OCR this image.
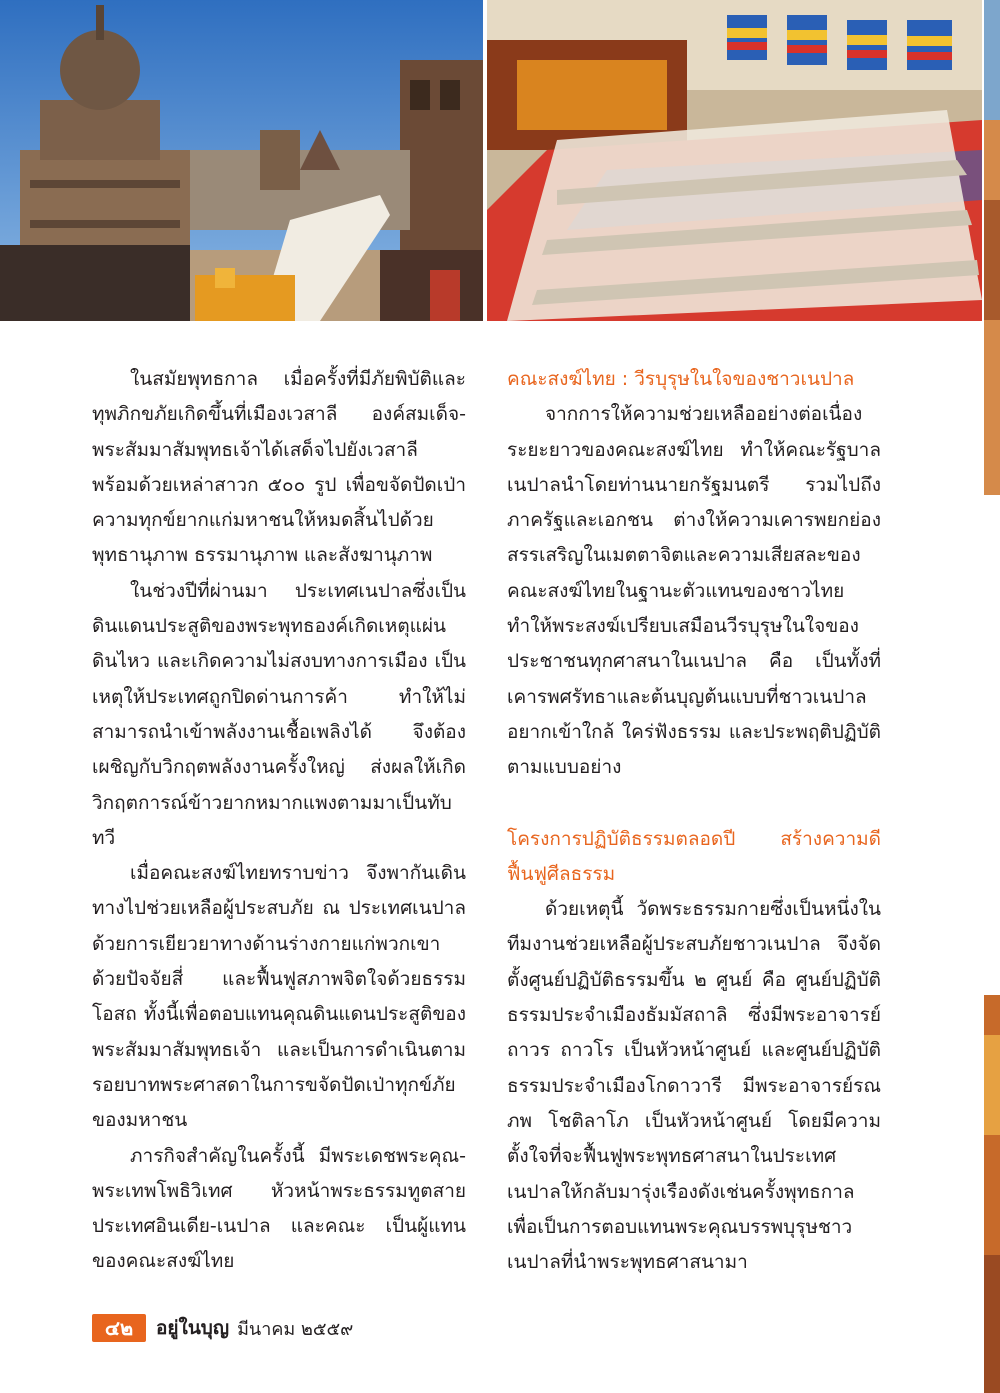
ในสมัยพุทธกาล เมื่อครั้งที่มีภัยพิบัติและทุพภิกขภัยเกิดขึ้นที่เมืองเวสาลี องค์สมเด็จ-พระสัมมาสัมพุทธเจ้าได้เสด็จไปยังเวสาลี พร้อมด้วยเหล่าสาวก ๕๐๐ รูป เพื่อขจัดปัดเป่าความทุกข์ยากแก่มหาชนให้หมดสิ้นไปด้วยพุทธานุภาพ ธรรมานุภาพ และสังฆานุภาพ

ในช่วงปีที่ผ่านมา ประเทศเนปาลซึ่งเป็นดินแดนประสูติของพระพุทธองค์เกิดเหตุแผ่นดินไหว และเกิดความไม่สงบทางการเมือง เป็นเหตุให้ประเทศถูกปิดด่านการค้า ทำให้ไม่สามารถนำเข้าพลังงานเชื้อเพลิงได้ จึงต้องเผชิญกับวิกฤตพลังงานครั้งใหญ่ ส่งผลให้เกิดวิกฤตการณ์ข้าวยากหมากแพงตามมาเป็นทับทวี

เมื่อคณะสงฆ์ไทยทราบข่าว จึงพากันเดินทางไปช่วยเหลือผู้ประสบภัย ณ ประเทศเนปาล ด้วยการเยียวยาทางด้านร่างกายแก่พวกเขาด้วยปัจจัยสี่ และฟื้นฟูสภาพจิตใจด้วยธรรมโอสถ ทั้งนี้เพื่อตอบแทนคุณดินแดนประสูติของพระสัมมาสัมพุทธเจ้า และเป็นการดำเนินตามรอยบาทพระศาสดาในการขจัดปัดเป่าทุกข์ภัยของมหาชน

ภารกิจสำคัญในครั้งนี้ มีพระเดชพระคุณ-พระเทพโพธิวิเทศ หัวหน้าพระธรรมทูตสายประเทศอินเดีย-เนปาล และคณะ เป็นผู้แทนของคณะสงฆ์ไทย

คณะสงฆ์ไทย : วีรบุรุษในใจของชาวเนปาล

จากการให้ความช่วยเหลืออย่างต่อเนื่องระยะยาวของคณะสงฆ์ไทย ทำให้คณะรัฐบาลเนปาลนำโดยท่านนายกรัฐมนตรี รวมไปถึงภาครัฐและเอกชน ต่างให้ความเคารพยกย่องสรรเสริญในเมตตาจิตและความเสียสละของคณะสงฆ์ไทยในฐานะตัวแทนของชาวไทย ทำให้พระสงฆ์เปรียบเสมือนวีรบุรุษในใจของประชาชนทุกศาสนาในเนปาล คือ เป็นทั้งที่เคารพศรัทธาและต้นบุญต้นแบบที่ชาวเนปาลอยากเข้าใกล้ ใคร่ฟังธรรม และประพฤติปฏิบัติตามแบบอย่าง

โครงการปฏิบัติธรรมตลอดปี สร้างความดีฟื้นฟูศีลธรรม

ด้วยเหตุนี้ วัดพระธรรมกายซึ่งเป็นหนึ่งในทีมงานช่วยเหลือผู้ประสบภัยชาวเนปาล จึงจัดตั้งศูนย์ปฏิบัติธรรมขึ้น ๒ ศูนย์ คือ ศูนย์ปฏิบัติธรรมประจำเมืองธัมมัสถาลิ ซึ่งมีพระอาจารย์ถาวร ถาวโร เป็นหัวหน้าศูนย์ และศูนย์ปฏิบัติธรรมประจำเมืองโกดาวารี มีพระอาจารย์รณภพ โชติลาโภ เป็นหัวหน้าศูนย์ โดยมีความตั้งใจที่จะฟื้นฟูพระพุทธศาสนาในประเทศเนปาลให้กลับมารุ่งเรืองดังเช่นครั้งพุทธกาล เพื่อเป็นการตอบแทนพระคุณบรรพบุรุษชาวเนปาลที่นำพระพุทธศาสนามา

๔๒	อยู่ในบุญ มีนาคม ๒๕๕๙
